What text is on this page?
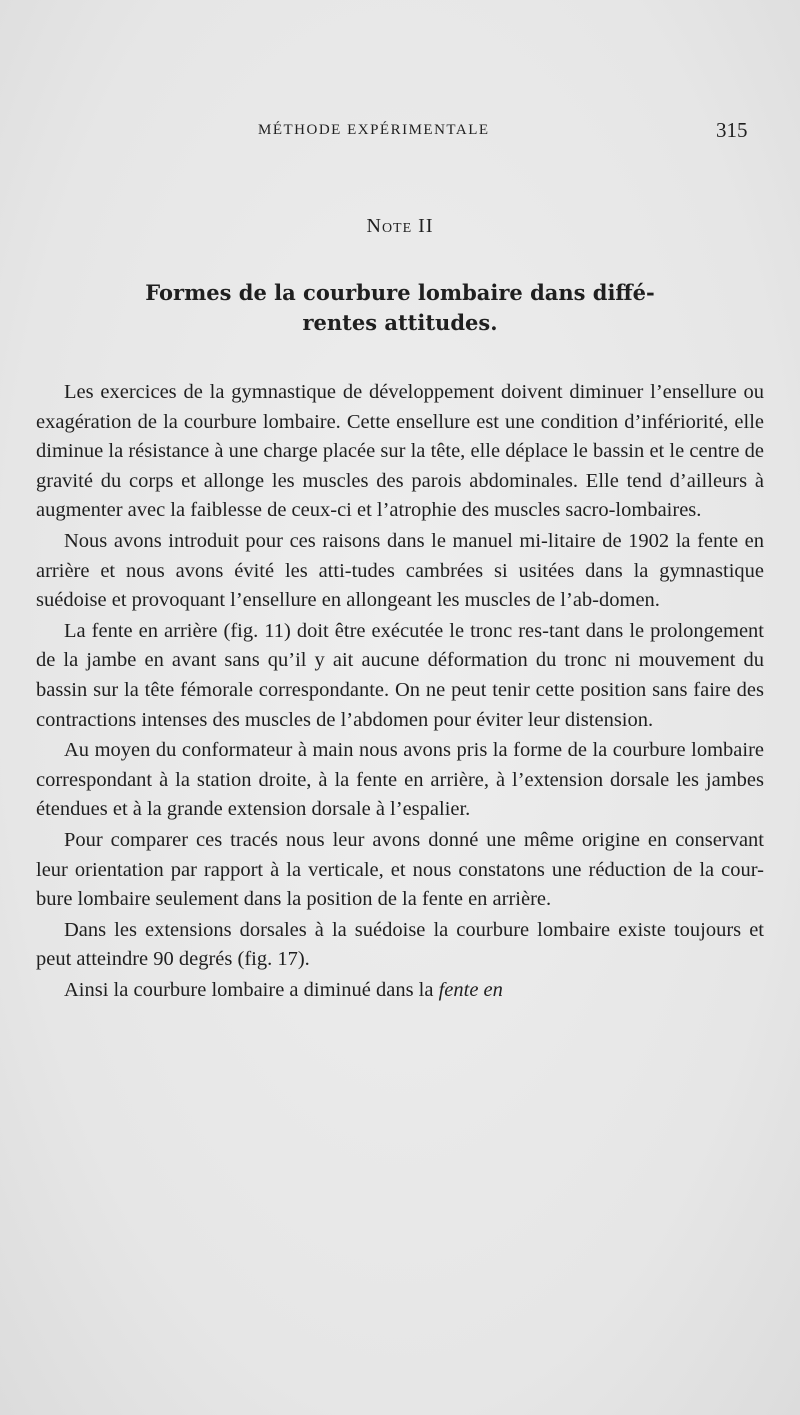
MÉTHODE EXPÉRIMENTALE	315
Note II
Formes de la courbure lombaire dans diffé-
rentes attitudes.

Les exercices de la gymnastique de développement doivent diminuer l’ensellure ou exagération de la courbure lombaire. Cette ensellure est une condition d’infériorité, elle diminue la résistance à une charge placée sur la tête, elle déplace le bassin et le centre de gravité du corps et allonge les muscles des parois abdominales. Elle tend d’ailleurs à augmenter avec la faiblesse de ceux-ci et l’atrophie des muscles sacro-lombaires.

Nous avons introduit pour ces raisons dans le manuel mi-litaire de 1902 la fente en arrière et nous avons évité les atti-tudes cambrées si usitées dans la gymnastique suédoise et provoquant l’ensellure en allongeant les muscles de l’ab-domen.

La fente en arrière (fig. 11) doit être exécutée le tronc res-tant dans le prolongement de la jambe en avant sans qu’il y ait aucune déformation du tronc ni mouvement du bassin sur la tête fémorale correspondante. On ne peut tenir cette position sans faire des contractions intenses des muscles de l’abdomen pour éviter leur distension.

Au moyen du conformateur à main nous avons pris la forme de la courbure lombaire correspondant à la station droite, à la fente en arrière, à l’extension dorsale les jambes étendues et à la grande extension dorsale à l’espalier.

Pour comparer ces tracés nous leur avons donné une même origine en conservant leur orientation par rapport à la verticale, et nous constatons une réduction de la cour-bure lombaire seulement dans la position de la fente en arrière.

Dans les extensions dorsales à la suédoise la courbure lombaire existe toujours et peut atteindre 90 degrés (fig. 17).

Ainsi la courbure lombaire a diminué dans la fente en
